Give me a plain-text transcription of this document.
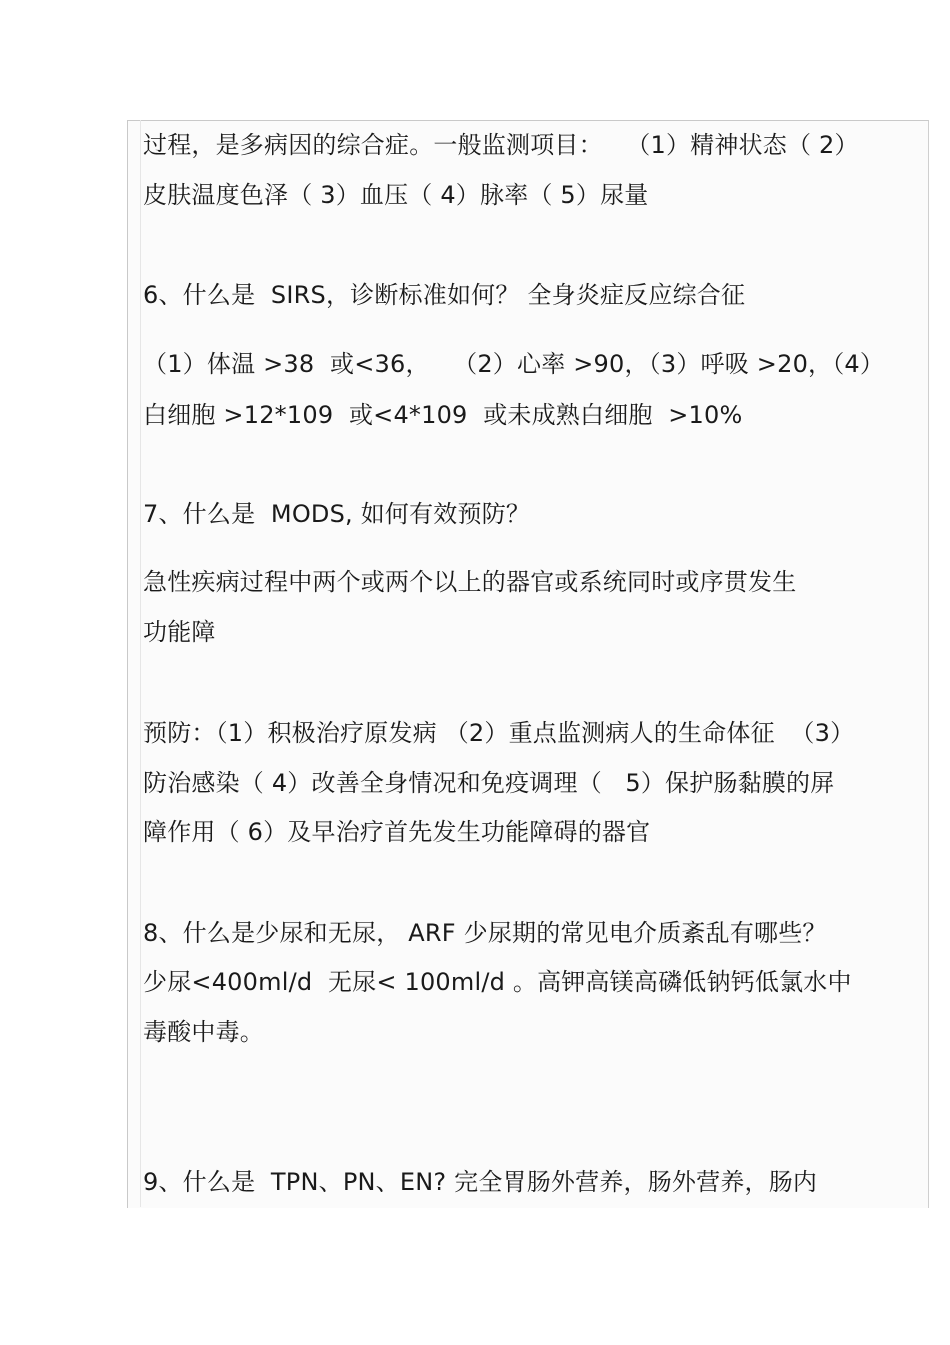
过程，是多病因的综合症。一般监测项目：   （1）精神状态（ 2）
皮肤温度色泽（ 3）血压（ 4）脉率（ 5）尿量
6、什么是  SIRS，诊断标准如何？ 全身炎症反应综合征
（1）体温 >38  或<36，   （2）心率 >90，（3）呼吸 >20，（4）
白细胞 >12*109  或<4*109  或未成熟白细胞  >10%
7、什么是  MODS, 如何有效预防？
急性疾病过程中两个或两个以上的器官或系统同时或序贯发生
功能障
预防：（1）积极治疗原发病 （2）重点监测病人的生命体征  （3）
防治感染（ 4）改善全身情况和免疫调理（   5）保护肠黏膜的屏
障作用（ 6）及早治疗首先发生功能障碍的器官
8、什么是少尿和无尿， ARF 少尿期的常见电介质紊乱有哪些？
少尿<400ml/d  无尿< 100ml/d 。高钾高镁高磷低钠钙低氯水中
毒酸中毒。
9、什么是  TPN、PN、EN? 完全胃肠外营养，肠外营养，肠内
